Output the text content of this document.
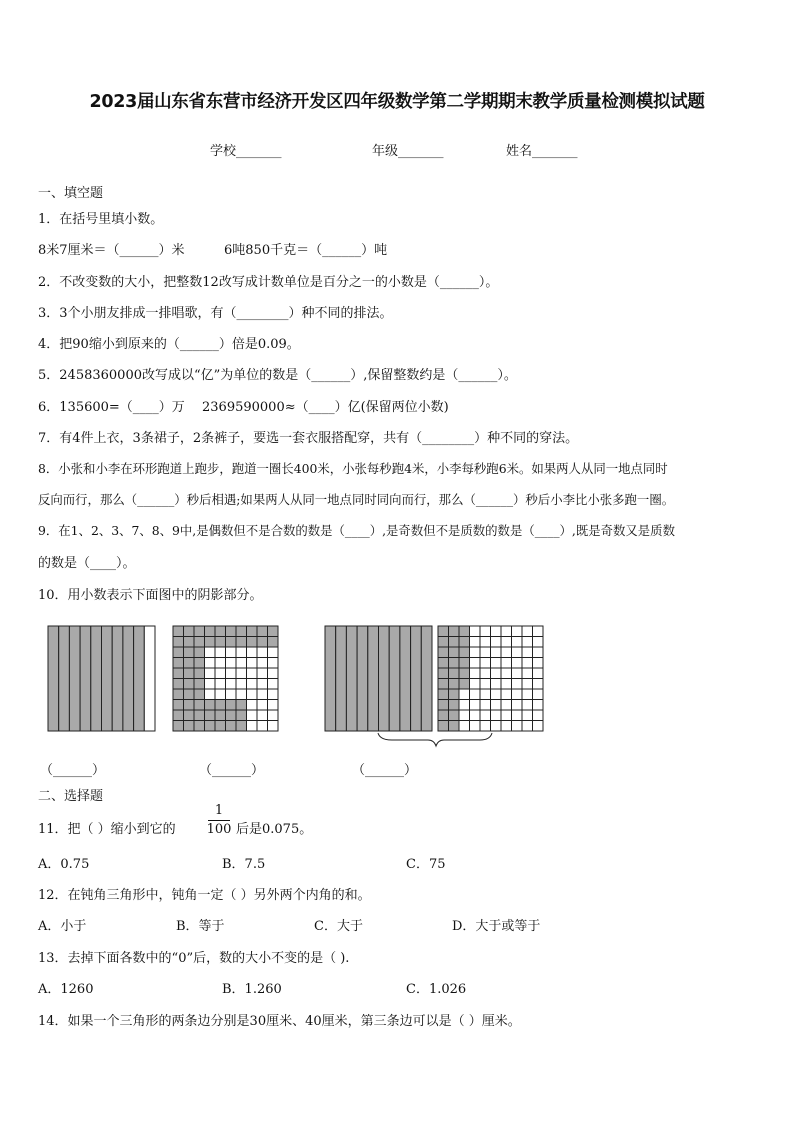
2023届山东省东营市经济开发区四年级数学第二学期期末教学质量检测模拟试题
学校_______	年级_______	姓名_______
一、填空题
1．在括号里填小数。
8米7厘米＝（______）米	6吨850千克＝（______）吨
2．不改变数的大小，把整数12改写成计数单位是百分之一的小数是（______）。
3．3个小朋友排成一排唱歌，有（________）种不同的排法。
4．把90缩小到原来的（______）倍是0.09。
5．2458360000改写成以“亿”为单位的数是（______）,保留整数约是（______）。
6．135600=（____）万 2369590000≈（____）亿(保留两位小数)
7．有4件上衣，3条裙子，2条裤子，要选一套衣服搭配穿，共有（________）种不同的穿法。
8．小张和小李在环形跑道上跑步，跑道一圈长400米，小张每秒跑4米，小李每秒跑6米。如果两人从同一地点同时
反向而行，那么（______）秒后相遇;如果两人从同一地点同时同向而行，那么（______）秒后小李比小张多跑一圈。
9．在1、2、3、7、8、9中,是偶数但不是合数的数是（____）,是奇数但不是质数的数是（____）,既是奇数又是质数
的数是（____）。
10．用小数表示下面图中的阴影部分。
（______）	（______）	（______）
二、选择题
11．把（ ）缩小到它的
1
100 后是0.075。
A．0.75	B．7.5	C．75
12．在钝角三角形中，钝角一定（ ）另外两个内角的和。
A．小于	B．等于	C．大于	D．大于或等于
13．去掉下面各数中的“0”后，数的大小不变的是（ ).
A．1260	B．1.260	C．1.026
14．如果一个三角形的两条边分别是30厘米、40厘米，第三条边可以是（ ）厘米。
